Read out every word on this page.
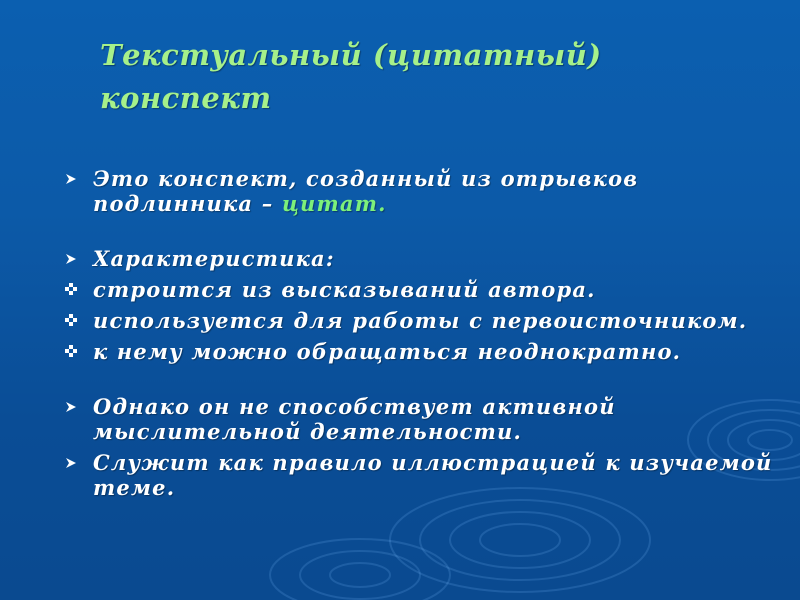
Текстуальный (цитатный) конспект
Это конспект, созданный из отрывков подлинника – цитат.
Характеристика:
строится из высказываний автора.
используется для работы с первоисточником.
к нему можно обращаться неоднократно.
Однако он не способствует активной мыслительной деятельности.
Служит как правило иллюстрацией к изучаемой теме.
